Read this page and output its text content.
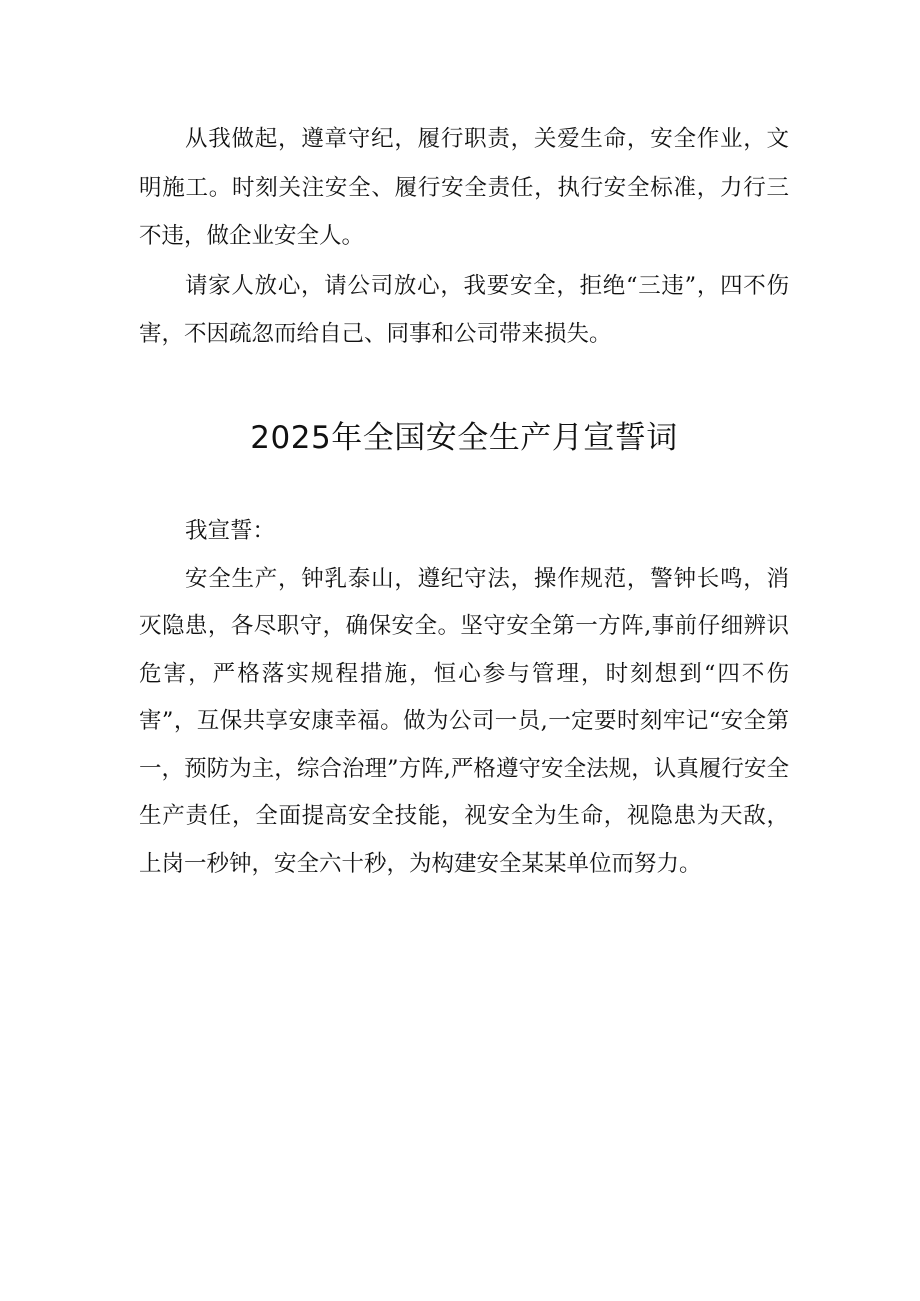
从我做起，遵章守纪，履行职责，关爱生命，安全作业，文明施工。时刻关注安全、履行安全责任，执行安全标准，力行三不违，做企业安全人。

请家人放心，请公司放心，我要安全，拒绝“三违”，四不伤害，不因疏忽而给自己、同事和公司带来损失。

2025年全国安全生产月宣誓词

我宣誓：

安全生产，钟乳泰山，遵纪守法，操作规范，警钟长鸣，消灭隐患，各尽职守，确保安全。坚守安全第一方阵,事前仔细辨识危害，严格落实规程措施，恒心参与管理，时刻想到“四不伤害”，互保共享安康幸福。做为公司一员,一定要时刻牢记“安全第一，预防为主，综合治理”方阵,严格遵守安全法规，认真履行安全生产责任，全面提高安全技能，视安全为生命，视隐患为天敌，上岗一秒钟，安全六十秒，为构建安全某某单位而努力。
